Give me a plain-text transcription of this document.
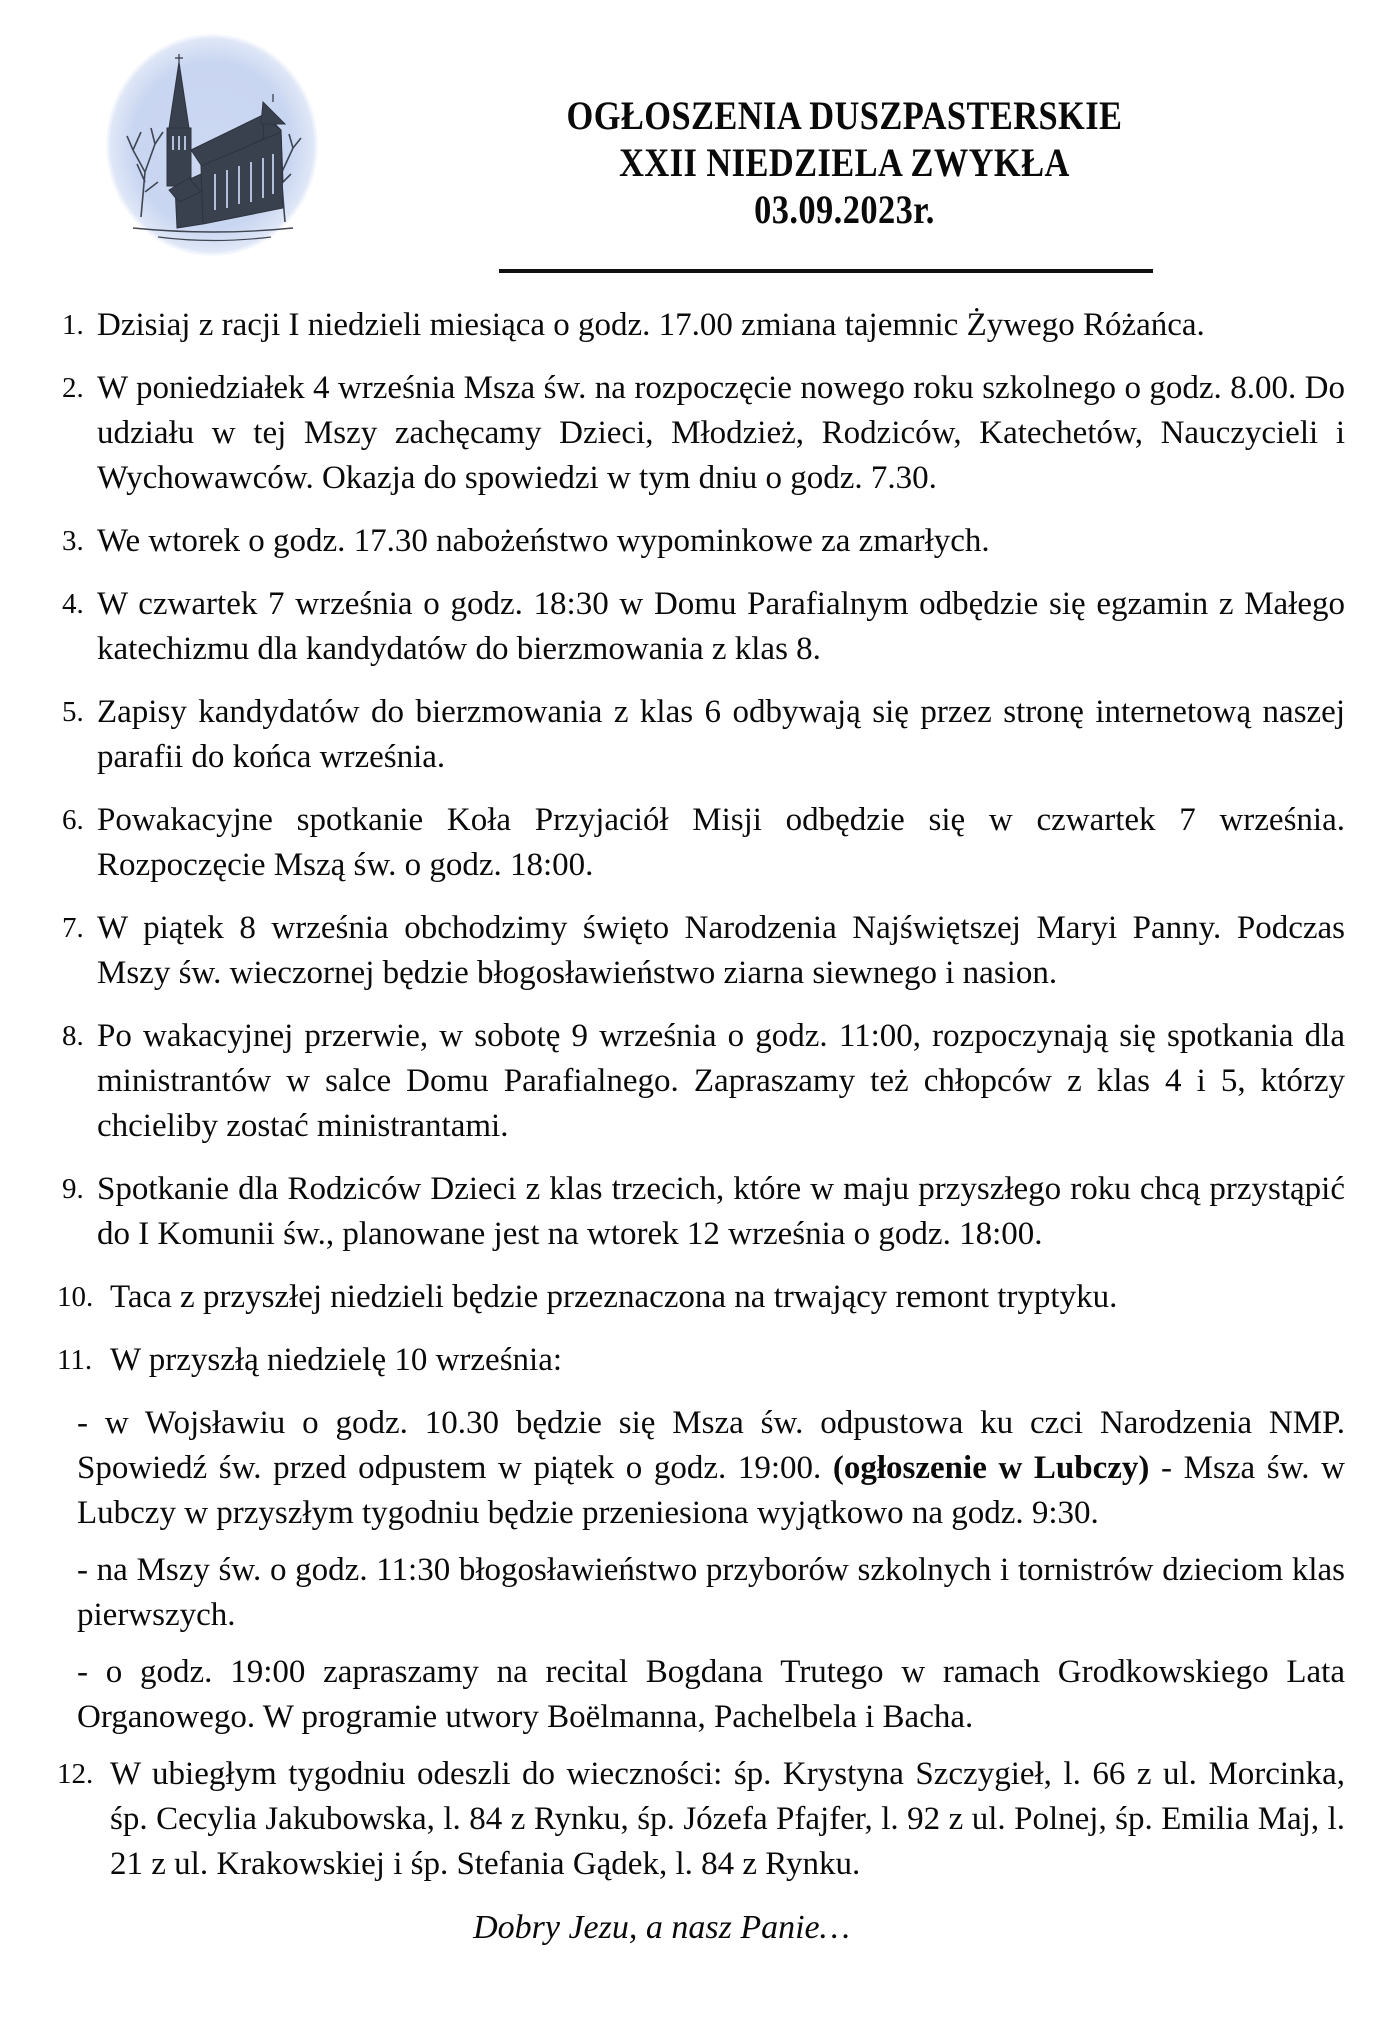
OGŁOSZENIA DUSZPASTERSKIE
XXII NIEDZIELA ZWYKŁA
03.09.2023r.
1. Dzisiaj z racji I niedzieli miesiąca o godz. 17.00 zmiana tajemnic Żywego Różańca.
2. W poniedziałek 4 września Msza św. na rozpoczęcie nowego roku szkolnego o godz. 8.00. Do udziału w tej Mszy zachęcamy Dzieci, Młodzież, Rodziców, Katechetów, Nauczycieli i Wychowawców. Okazja do spowiedzi w tym dniu o godz. 7.30.
3. We wtorek o godz. 17.30 nabożeństwo wypominkowe za zmarłych.
4. W czwartek 7 września o godz. 18:30 w Domu Parafialnym odbędzie się egzamin z Małego katechizmu dla kandydatów do bierzmowania z klas 8.
5. Zapisy kandydatów do bierzmowania z klas 6 odbywają się przez stronę internetową naszej parafii do końca września.
6. Powakacyjne spotkanie Koła Przyjaciół Misji odbędzie się w czwartek 7 września. Rozpoczęcie Mszą św. o godz. 18:00.
7. W piątek 8 września obchodzimy święto Narodzenia Najświętszej Maryi Panny. Podczas Mszy św. wieczornej będzie błogosławieństwo ziarna siewnego i nasion.
8. Po wakacyjnej przerwie, w sobotę 9 września o godz. 11:00, rozpoczynają się spotkania dla ministrantów w salce Domu Parafialnego. Zapraszamy też chłopców z klas 4 i 5, którzy chcieliby zostać ministrantami.
9. Spotkanie dla Rodziców Dzieci z klas trzecich, które w maju przyszłego roku chcą przystąpić do I Komunii św., planowane jest na wtorek 12 września o godz. 18:00.
10. Taca z przyszłej niedzieli będzie przeznaczona na trwający remont tryptyku.
11. W przyszłą niedzielę 10 września:
- w Wojsławiu o godz. 10.30 będzie się Msza św. odpustowa ku czci Narodzenia NMP. Spowiedź św. przed odpustem w piątek o godz. 19:00. (ogłoszenie w Lubczy) - Msza św. w Lubczy w przyszłym tygodniu będzie przeniesiona wyjątkowo na godz. 9:30.
- na Mszy św. o godz. 11:30 błogosławieństwo przyborów szkolnych i tornistrów dzieciom klas pierwszych.
- o godz. 19:00 zapraszamy na recital Bogdana Trutego w ramach Grodkowskiego Lata Organowego. W programie utwory Boëlmanna, Pachelbela i Bacha.
12. W ubiegłym tygodniu odeszli do wieczności: śp. Krystyna Szczygieł, l. 66 z ul. Morcinka, śp. Cecylia Jakubowska, l. 84 z Rynku, śp. Józefa Pfajfer, l. 92 z ul. Polnej, śp. Emilia Maj, l. 21 z ul. Krakowskiej i śp. Stefania Gądek, l. 84 z Rynku.
Dobry Jezu, a nasz Panie…
